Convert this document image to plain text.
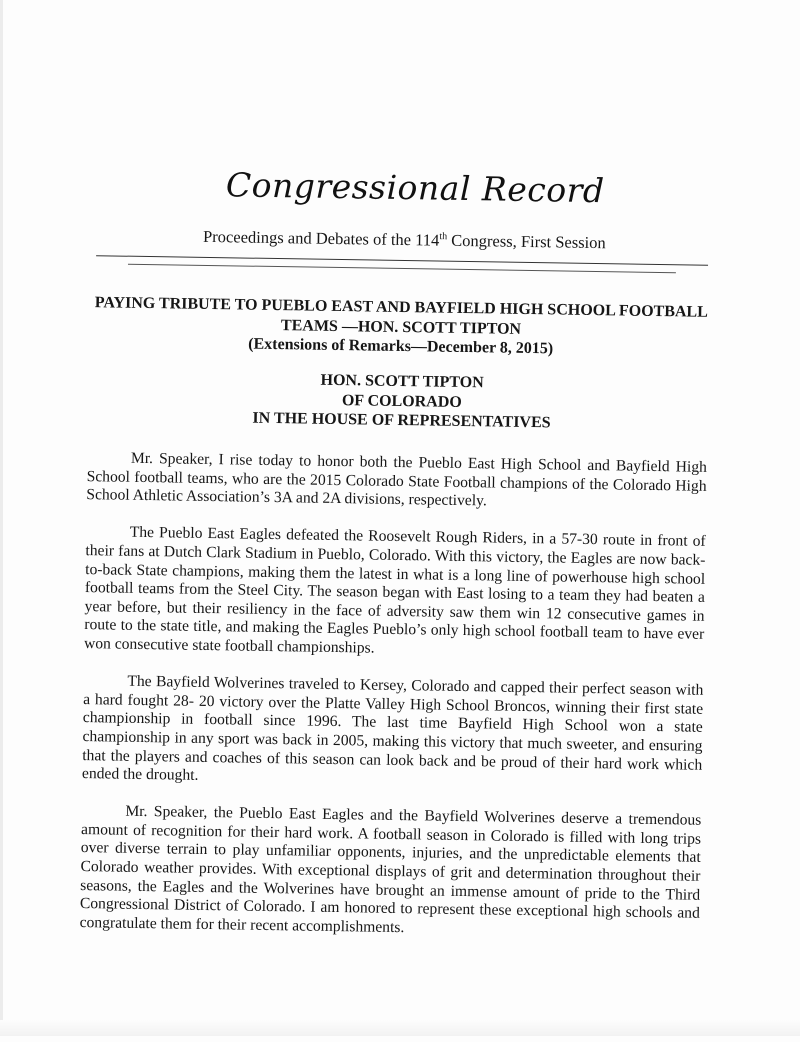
Congressional Record
Proceedings and Debates of the 114th Congress, First Session
PAYING TRIBUTE TO PUEBLO EAST AND BAYFIELD HIGH SCHOOL FOOTBALL
TEAMS —HON. SCOTT TIPTON
(Extensions of Remarks—December 8, 2015)
HON. SCOTT TIPTON
OF COLORADO
IN THE HOUSE OF REPRESENTATIVES

Mr. Speaker, I rise today to honor both the Pueblo East High School and Bayfield High School football teams, who are the 2015 Colorado State Football champions of the Colorado High School Athletic Association’s 3A and 2A divisions, respectively.

The Pueblo East Eagles defeated the Roosevelt Rough Riders, in a 57-30 route in front of their fans at Dutch Clark Stadium in Pueblo, Colorado. With this victory, the Eagles are now back-to-back State champions, making them the latest in what is a long line of powerhouse high school football teams from the Steel City. The season began with East losing to a team they had beaten a year before, but their resiliency in the face of adversity saw them win 12 consecutive games in route to the state title, and making the Eagles Pueblo’s only high school football team to have ever won consecutive state football championships.

The Bayfield Wolverines traveled to Kersey, Colorado and capped their perfect season with a hard fought 28- 20 victory over the Platte Valley High School Broncos, winning their first state championship in football since 1996. The last time Bayfield High School won a state championship in any sport was back in 2005, making this victory that much sweeter, and ensuring that the players and coaches of this season can look back and be proud of their hard work which ended the drought.

Mr. Speaker, the Pueblo East Eagles and the Bayfield Wolverines deserve a tremendous amount of recognition for their hard work. A football season in Colorado is filled with long trips over diverse terrain to play unfamiliar opponents, injuries, and the unpredictable elements that Colorado weather provides. With exceptional displays of grit and determination throughout their seasons, the Eagles and the Wolverines have brought an immense amount of pride to the Third Congressional District of Colorado. I am honored to represent these exceptional high schools and congratulate them for their recent accomplishments.
